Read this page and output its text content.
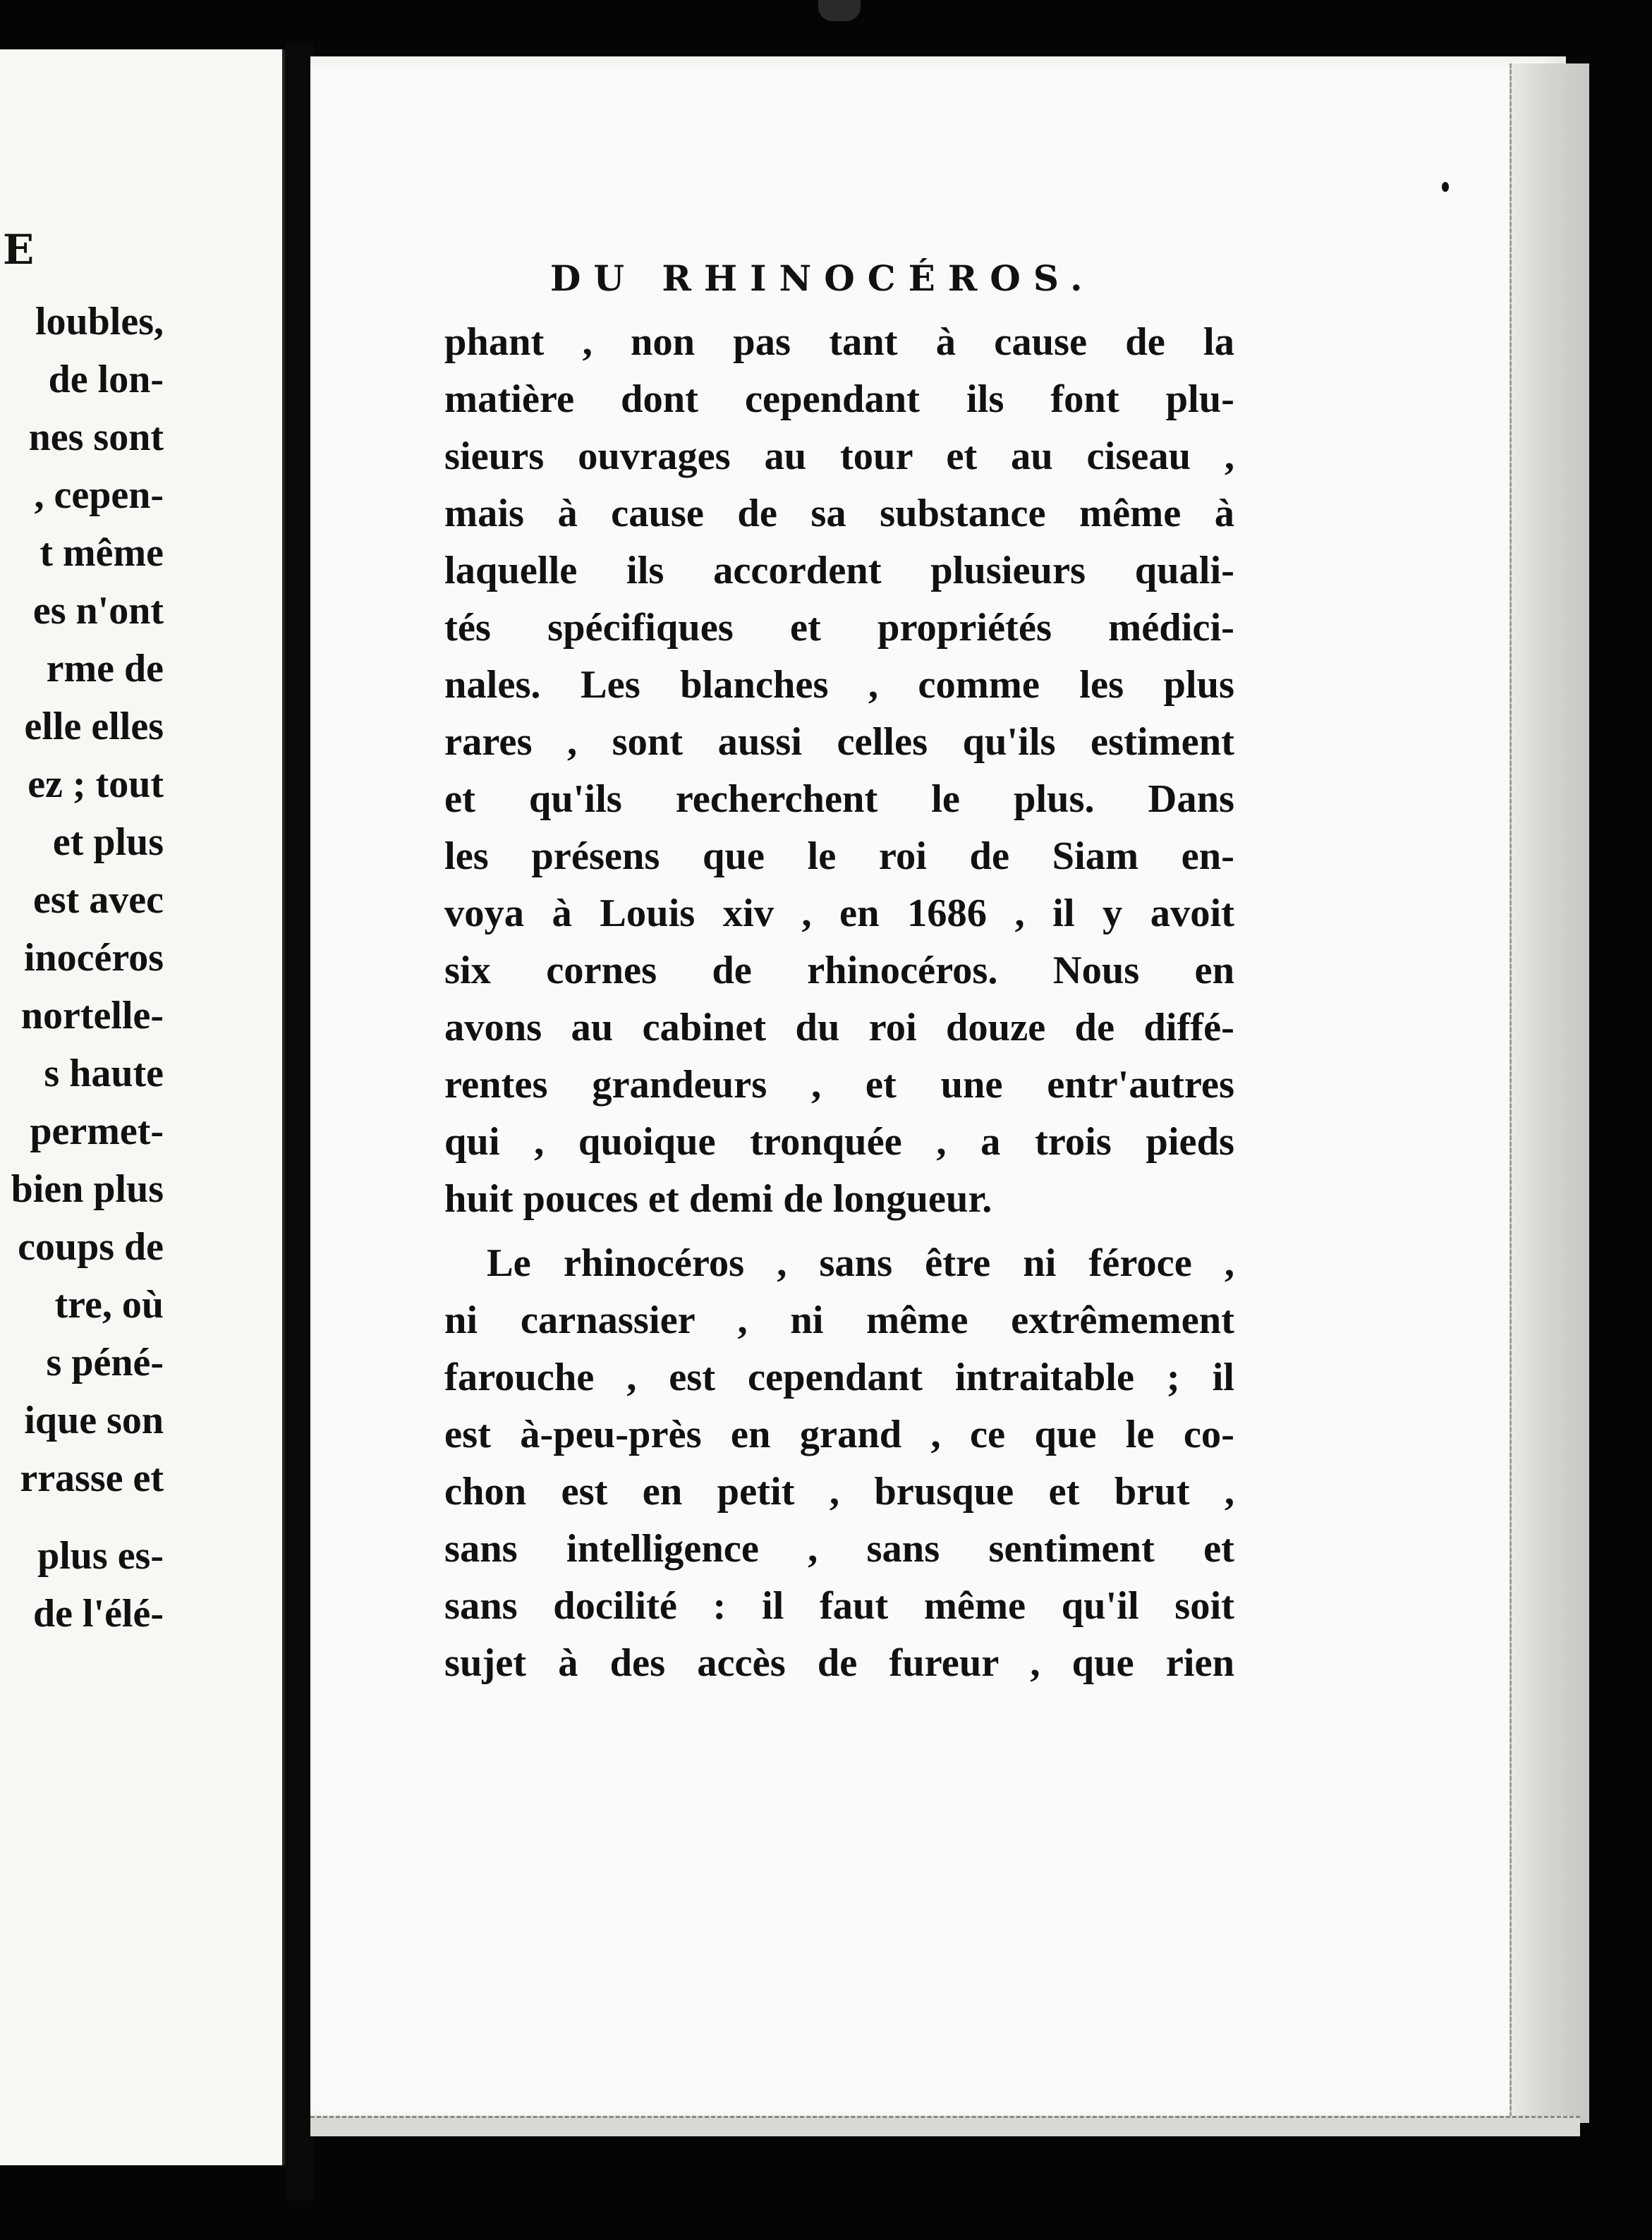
E
loubles,
de lon-
nes sont
, cepen-
t même
es n'ont
rme de
elle elles
ez ; tout
et plus
est avec
inocéros
nortelle-
s haute
permet-
bien plus
coups de
tre, où
s péné-
ique son
rrasse et
plus es-
de l'élé-
DU RHINOCÉROS.
phant , non pas tant à cause de la
matière dont cependant ils font plu-
sieurs ouvrages au tour et au ciseau ,
mais à cause de sa substance même à
laquelle ils accordent plusieurs quali-
tés spécifiques et propriétés médici-
nales. Les blanches , comme les plus
rares , sont aussi celles qu'ils estiment
et qu'ils recherchent le plus. Dans
les présens que le roi de Siam en-
voya à Louis xiv , en 1686 , il y avoit
six cornes de rhinocéros. Nous en
avons au cabinet du roi douze de diffé-
rentes grandeurs , et une entr'autres
qui , quoique tronquée , a trois pieds
huit pouces et demi de longueur.
Le rhinocéros , sans être ni féroce ,
ni carnassier , ni même extrêmement
farouche , est cependant intraitable ; il
est à-peu-près en grand , ce que le co-
chon est en petit , brusque et brut ,
sans intelligence , sans sentiment et
sans docilité : il faut même qu'il soit
sujet à des accès de fureur , que rien
